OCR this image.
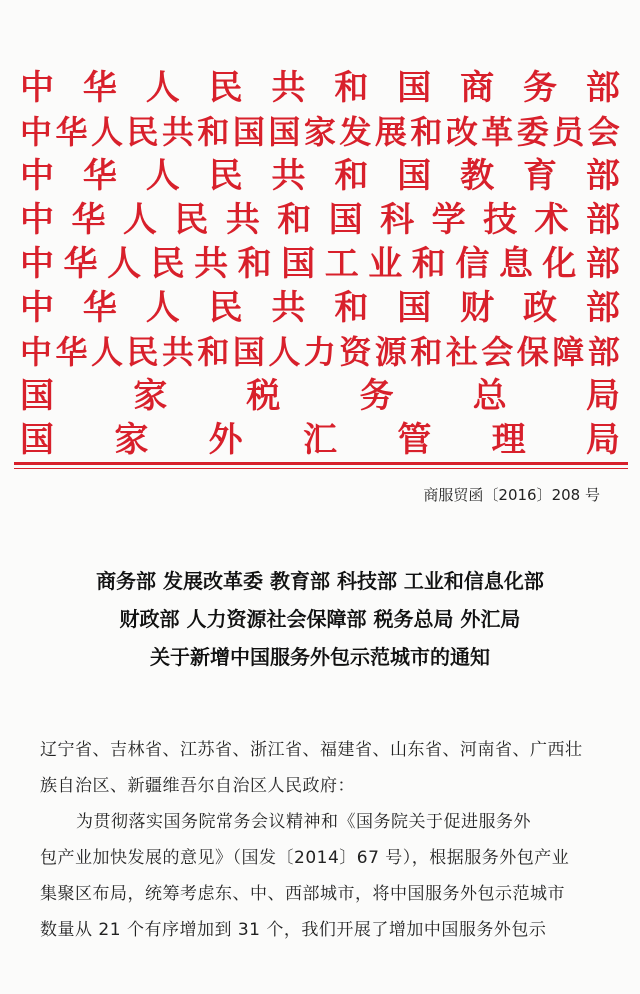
中 华 人 民 共 和 国 商 务 部
中 华 人 民 共 和 国 国 家 发 展 和 改 革 委 员 会
中 华 人 民 共 和 国 教 育 部
中 华 人 民 共 和 国 科 学 技 术 部
中 华 人 民 共 和 国 工 业 和 信 息 化 部
中 华 人 民 共 和 国 财 政 部
中 华 人 民 共 和 国 人 力 资 源 和 社 会 保 障 部
国 家 税 务 总 局
国 家 外 汇 管 理 局
商服贸函〔2016〕208 号
商务部 发展改革委 教育部 科技部 工业和信息化部
财政部 人力资源社会保障部 税务总局 外汇局
关于新增中国服务外包示范城市的通知
辽宁省、吉林省、江苏省、浙江省、福建省、山东省、河南省、广西壮
族自治区、新疆维吾尔自治区人民政府：
为贯彻落实国务院常务会议精神和《国务院关于促进服务外
包产业加快发展的意见》（国发〔2014〕67 号），根据服务外包产业
集聚区布局，统筹考虑东、中、西部城市，将中国服务外包示范城市
数量从 21 个有序增加到 31 个，我们开展了增加中国服务外包示
